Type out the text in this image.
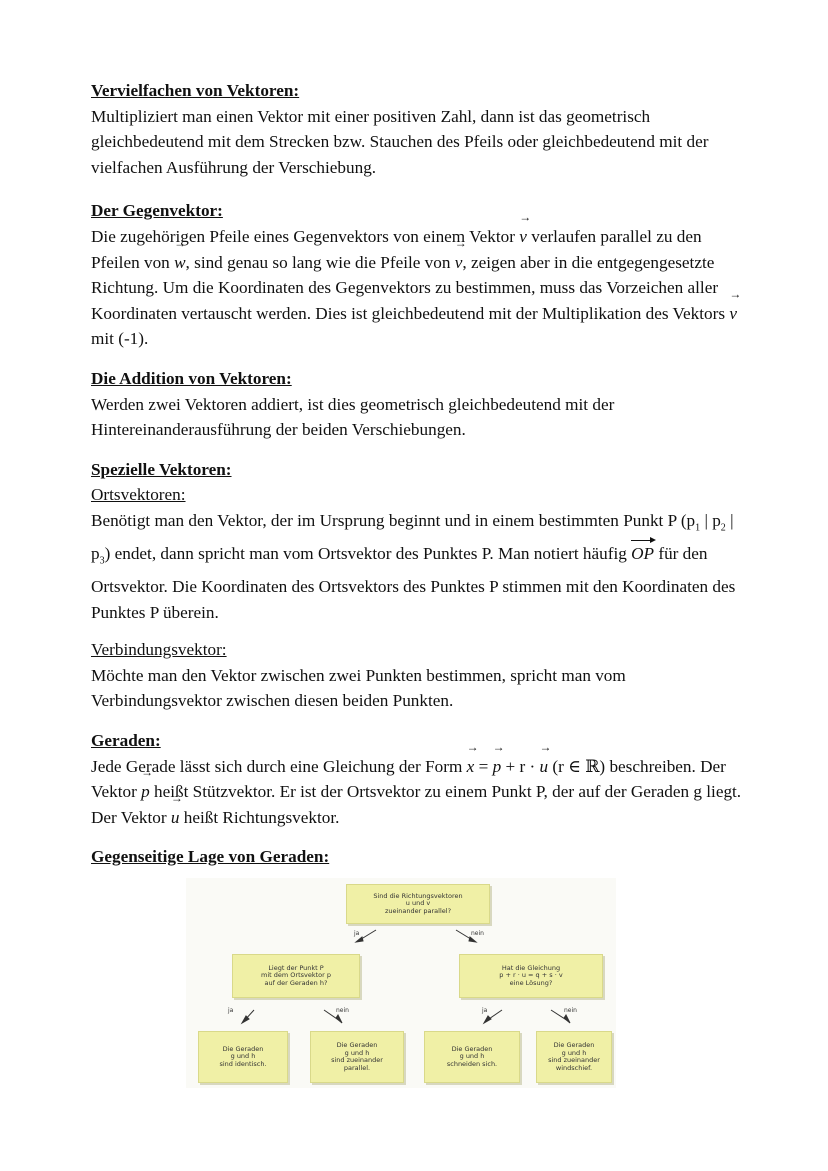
Vervielfachen von Vektoren:

Multipliziert man einen Vektor mit einer positiven Zahl, dann ist das geometrisch gleichbedeutend mit dem Strecken bzw. Stauchen des Pfeils oder gleichbedeutend mit der vielfachen Ausführung der Verschiebung.

Der Gegenvektor:

Die zugehörigen Pfeile eines Gegenvektors von einem Vektor → v verlaufen parallel zu den Pfeilen von → w, sind genau so lang wie die Pfeile von → v, zeigen aber in die entgegengesetzte Richtung. Um die Koordinaten des Gegenvektors zu bestimmen, muss das Vorzeichen aller Koordinaten vertauscht werden. Dies ist gleichbedeutend mit der Multiplikation des Vektors → v mit (-1).

Die Addition von Vektoren:

Werden zwei Vektoren addiert, ist dies geometrisch gleichbedeutend mit der Hintereinanderausführung der beiden Verschiebungen.

Spezielle Vektoren:
Ortsvektoren:

Benötigt man den Vektor, der im Ursprung beginnt und in einem bestimmten Punkt P ($p_1$ | $p_2$ | $p_3$) endet, dann spricht man vom Ortsvektor des Punktes P. Man notiert häufig OP für den Ortsvektor. Die Koordinaten des Ortsvektors des Punktes P stimmen mit den Koordinaten des Punktes P überein.

Verbindungsvektor:

Möchte man den Vektor zwischen zwei Punkten bestimmen, spricht man vom Verbindungsvektor zwischen diesen beiden Punkten.

Geraden:

Jede Gerade lässt sich durch eine Gleichung der Form → x = → p + r · → u (r ∈ ℝ) beschreiben. Der Vektor → p heißt Stützvektor. Er ist der Ortsvektor zu einem Punkt P, der auf der Geraden g liegt. Der Vektor → u heißt Richtungsvektor.

Gegenseitige Lage von Geraden:
Sind die Richtungsvektoren
u und v
zueinander parallel?
ja	nein
Liegt der Punkt P
mit dem Ortsvektor p
auf der Geraden h?
Hat die Gleichung
p + r · u = q + s · v
eine Lösung?
ja	nein	ja	nein
Die Geraden
g und h
sind identisch.
Die Geraden
g und h
sind zueinander
parallel.
Die Geraden
g und h
schneiden sich.
Die Geraden
g und h
sind zueinander
windschief.
